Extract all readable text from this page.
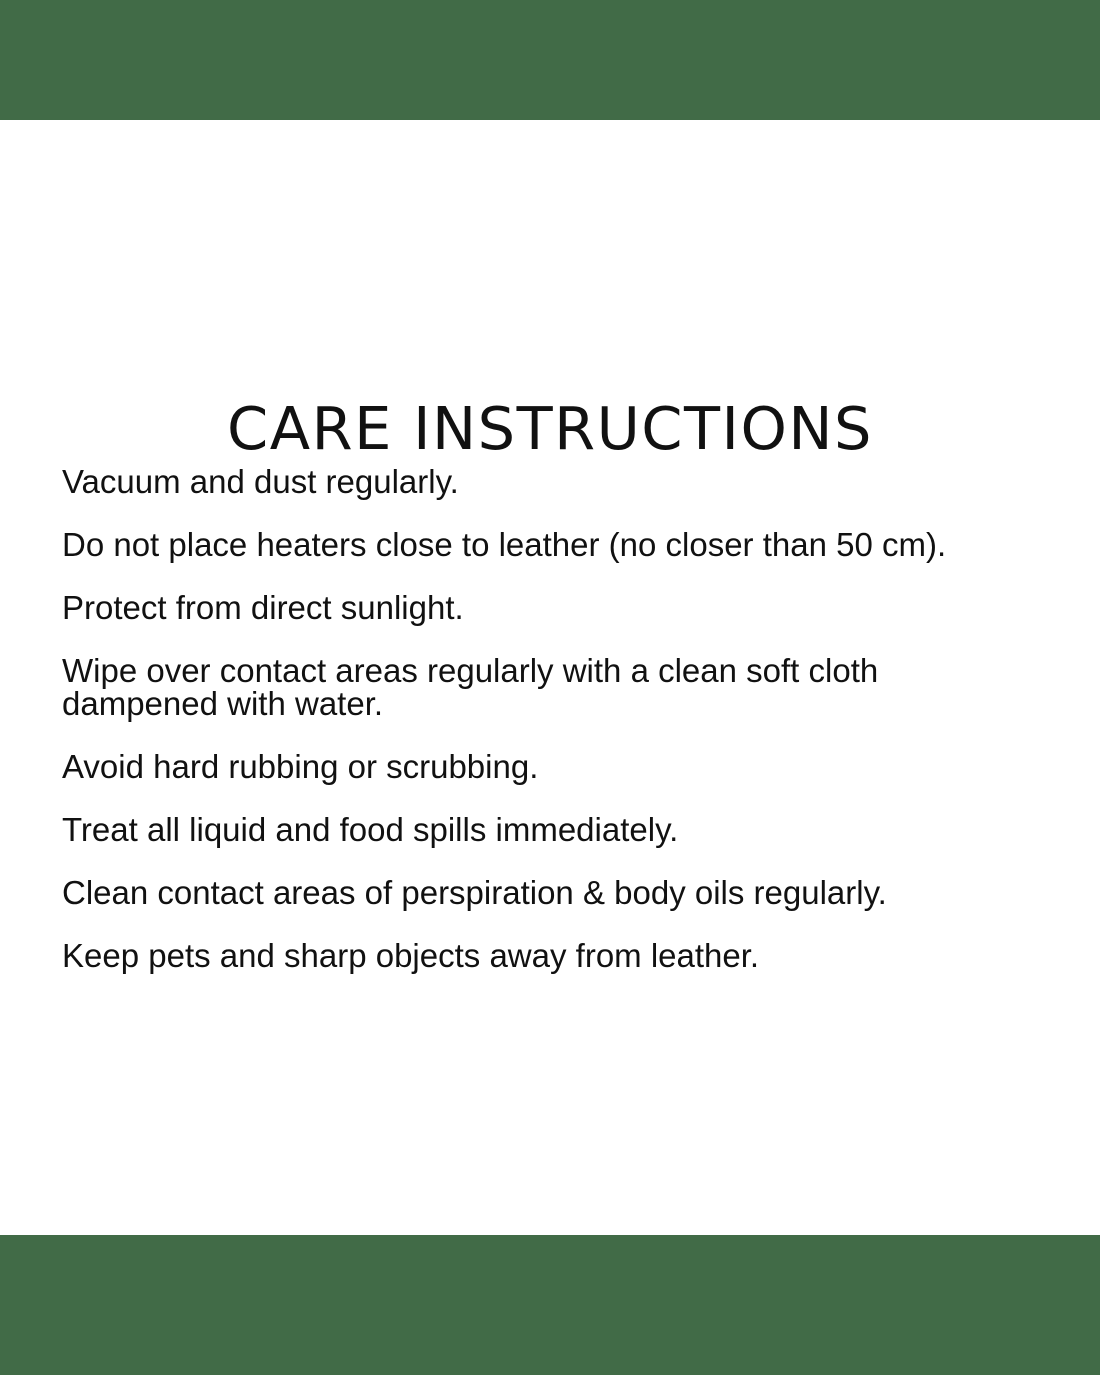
CARE INSTRUCTIONS
Vacuum and dust regularly.
Do not place heaters close to leather (no closer than 50 cm).
Protect from direct sunlight.
Wipe over contact areas regularly with a clean soft cloth dampened with water.
Avoid hard rubbing or scrubbing.
Treat all liquid and food spills immediately.
Clean contact areas of perspiration & body oils regularly.
Keep pets and sharp objects away from leather.
